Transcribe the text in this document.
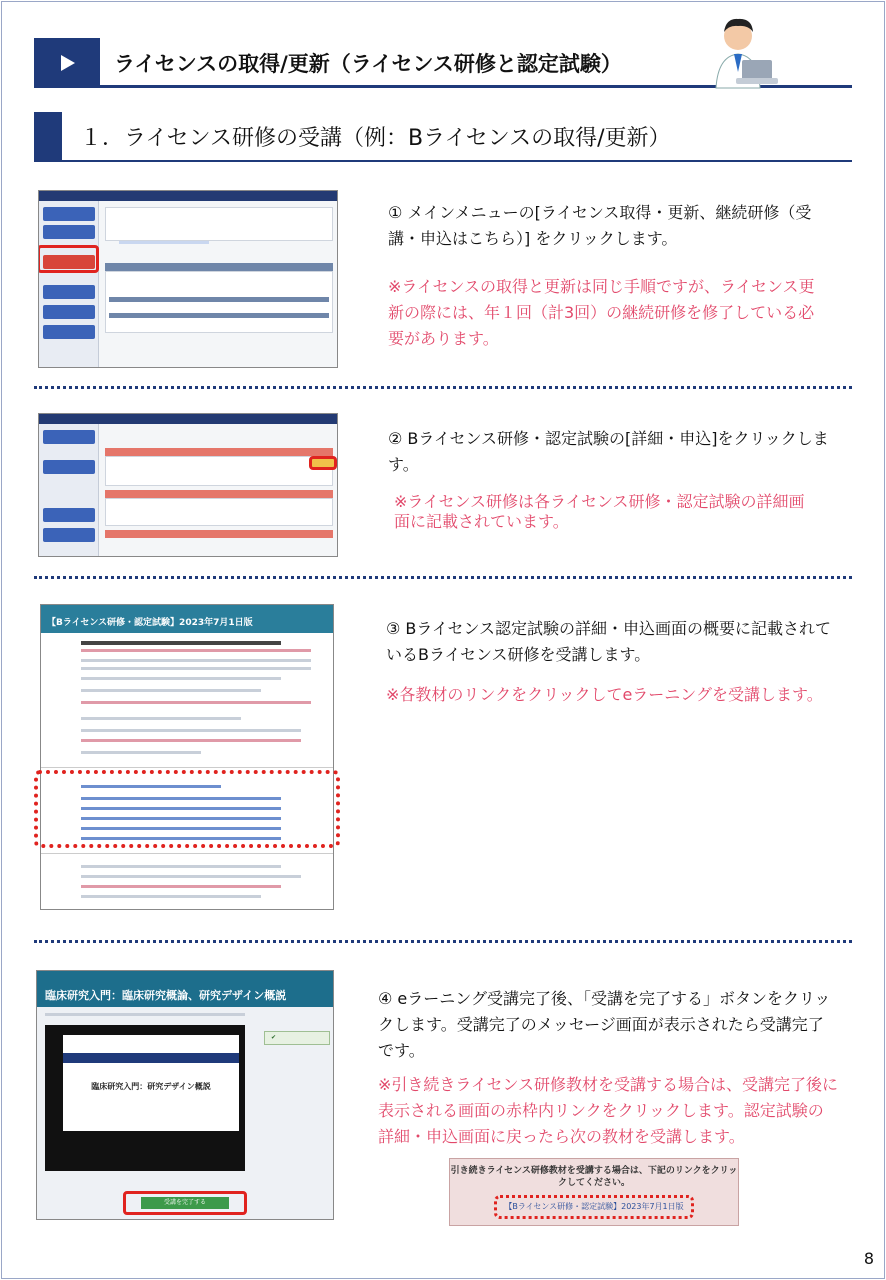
ライセンスの取得/更新（ライセンス研修と認定試験）
１．ライセンス研修の受講（例：Bライセンスの取得/更新）
① メインメニューの[ライセンス取得・更新、継続研修（受講・申込はこちら）] をクリックします。
※ライセンスの取得と更新は同じ手順ですが、ライセンス更新の際には、年１回（計3回）の継続研修を修了している必要があります。
② Bライセンス研修・認定試験の[詳細・申込]をクリックします。
※ライセンス研修は各ライセンス研修・認定試験の詳細画面に記載されています。
【Bライセンス研修・認定試験】2023年7月1日版	③ Bライセンス認定試験の詳細・申込画面の概要に記載されているBライセンス研修を受講します。
※各教材のリンクをクリックしてeラーニングを受講します。
臨床研究入門：臨床研究概論、研究デザイン概説
臨床研究入門：研究デザイン概説
✔
受講を完了する
④ eラーニング受講完了後、「受講を完了する」ボタンをクリックします。受講完了のメッセージ画面が表示されたら受講完了です。
※引き続きライセンス研修教材を受講する場合は、受講完了後に表示される画面の赤枠内リンクをクリックします。認定試験の詳細・申込画面に戻ったら次の教材を受講します。
引き続きライセンス研修教材を受講する場合は、下記のリンクをクリックしてください。
【Bライセンス研修・認定試験】2023年7月1日版
8
